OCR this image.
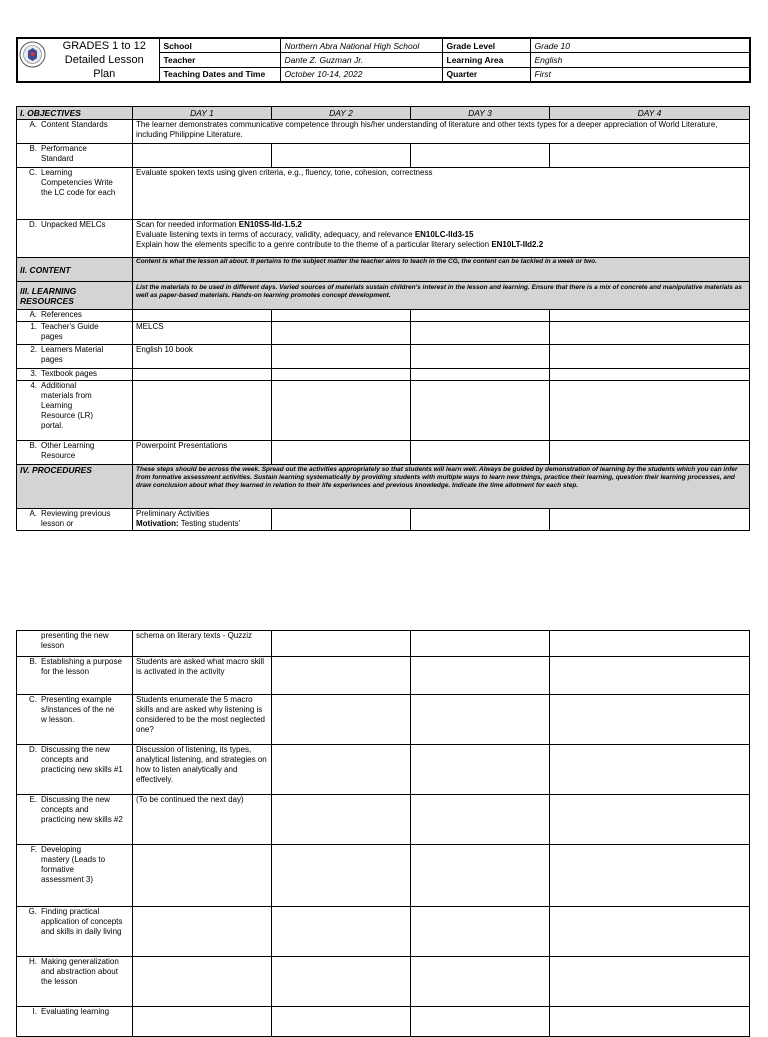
GRADES 1 to 12
Detailed Lesson Plan	School	Northern Abra National High School	Grade Level	Grade 10
	Teacher	Dante Z. Guzman Jr.	Learning Area	English
	Teaching Dates and Time	October 10-14, 2022	Quarter	First
I. OBJECTIVES	DAY 1	DAY 2	DAY 3	DAY 4
A. Content Standards	The learner demonstrates communicative competence through his/her understanding of literature and other texts types for a deeper appreciation of World Literature, including Philippine Literature.			
B. Performance Standard				
C. Learning Competencies Write the LC code for each	Evaluate spoken texts using given criteria, e.g., fluency, tone, cohesion, correctness			
D. Unpacked MELCs	Scan for needed information EN10SS-IId-1.5.2
Evaluate listening texts in terms of accuracy, validity, adequacy, and relevance EN10LC-IId3-15
Explain how the elements specific to a genre contribute to the theme of a particular literary selection EN10LT-IId2.2			

II. CONTENT	Content is what the lesson all about. It pertains to the subject matter the teacher aims to teach in the CG, the content can be tackled in a week or two.			
III. LEARNING RESOURCES	List the materials to be used in different days. Varied sources of materials sustain children's interest in the lesson and learning. Ensure that there is a mix of concrete and manipulative materials as well as paper-based materials. Hands-on learning promotes concept development.			
A. References				
1. Teacher's Guide pages	MELCS			
2. Learners Material pages	English 10 book			
3. Textbook pages				
4. Additional materials from Learning Resource (LR) portal.				
B. Other Learning Resource	Powerpoint Presentations			
IV. PROCEDURES	These steps should be across the week. Spread out the activities appropriately so that students will learn well. Always be guided by demonstration of learning by the students which you can infer from formative assessment activities. Sustain learning systematically by providing students with multiple ways to learn new things, practice their learning, question their learning processes, and draw conclusion about what they learned in relation to their life experiences and previous knowledge. Indicate the time allotment for each step.			
A. Reviewing previous lesson or	Preliminary Activities
Motivation: Testing students'			

presenting the new lesson	schema on literary texts - Quzziz			
B. Establishing a purpose for the lesson	Students are asked what macro skill is activated in the activity			
C. Presenting examples/instances of the new lesson.	Students enumerate the 5 macro skills and are asked why listening is considered to be the most neglected one?			
D. Discussing the new concepts and practicing new skills #1	Discussion of listening, its types, analytical listening, and strategies on how to listen analytically and effectively.			
E. Discussing the new concepts and practicing new skills #2	(To be continued the next day)			
F. Developing mastery (Leads to formative assessment 3)				
G. Finding practical application of concepts and skills in daily living				
H. Making generalization and abstraction about the lesson				
I. Evaluating learning				
